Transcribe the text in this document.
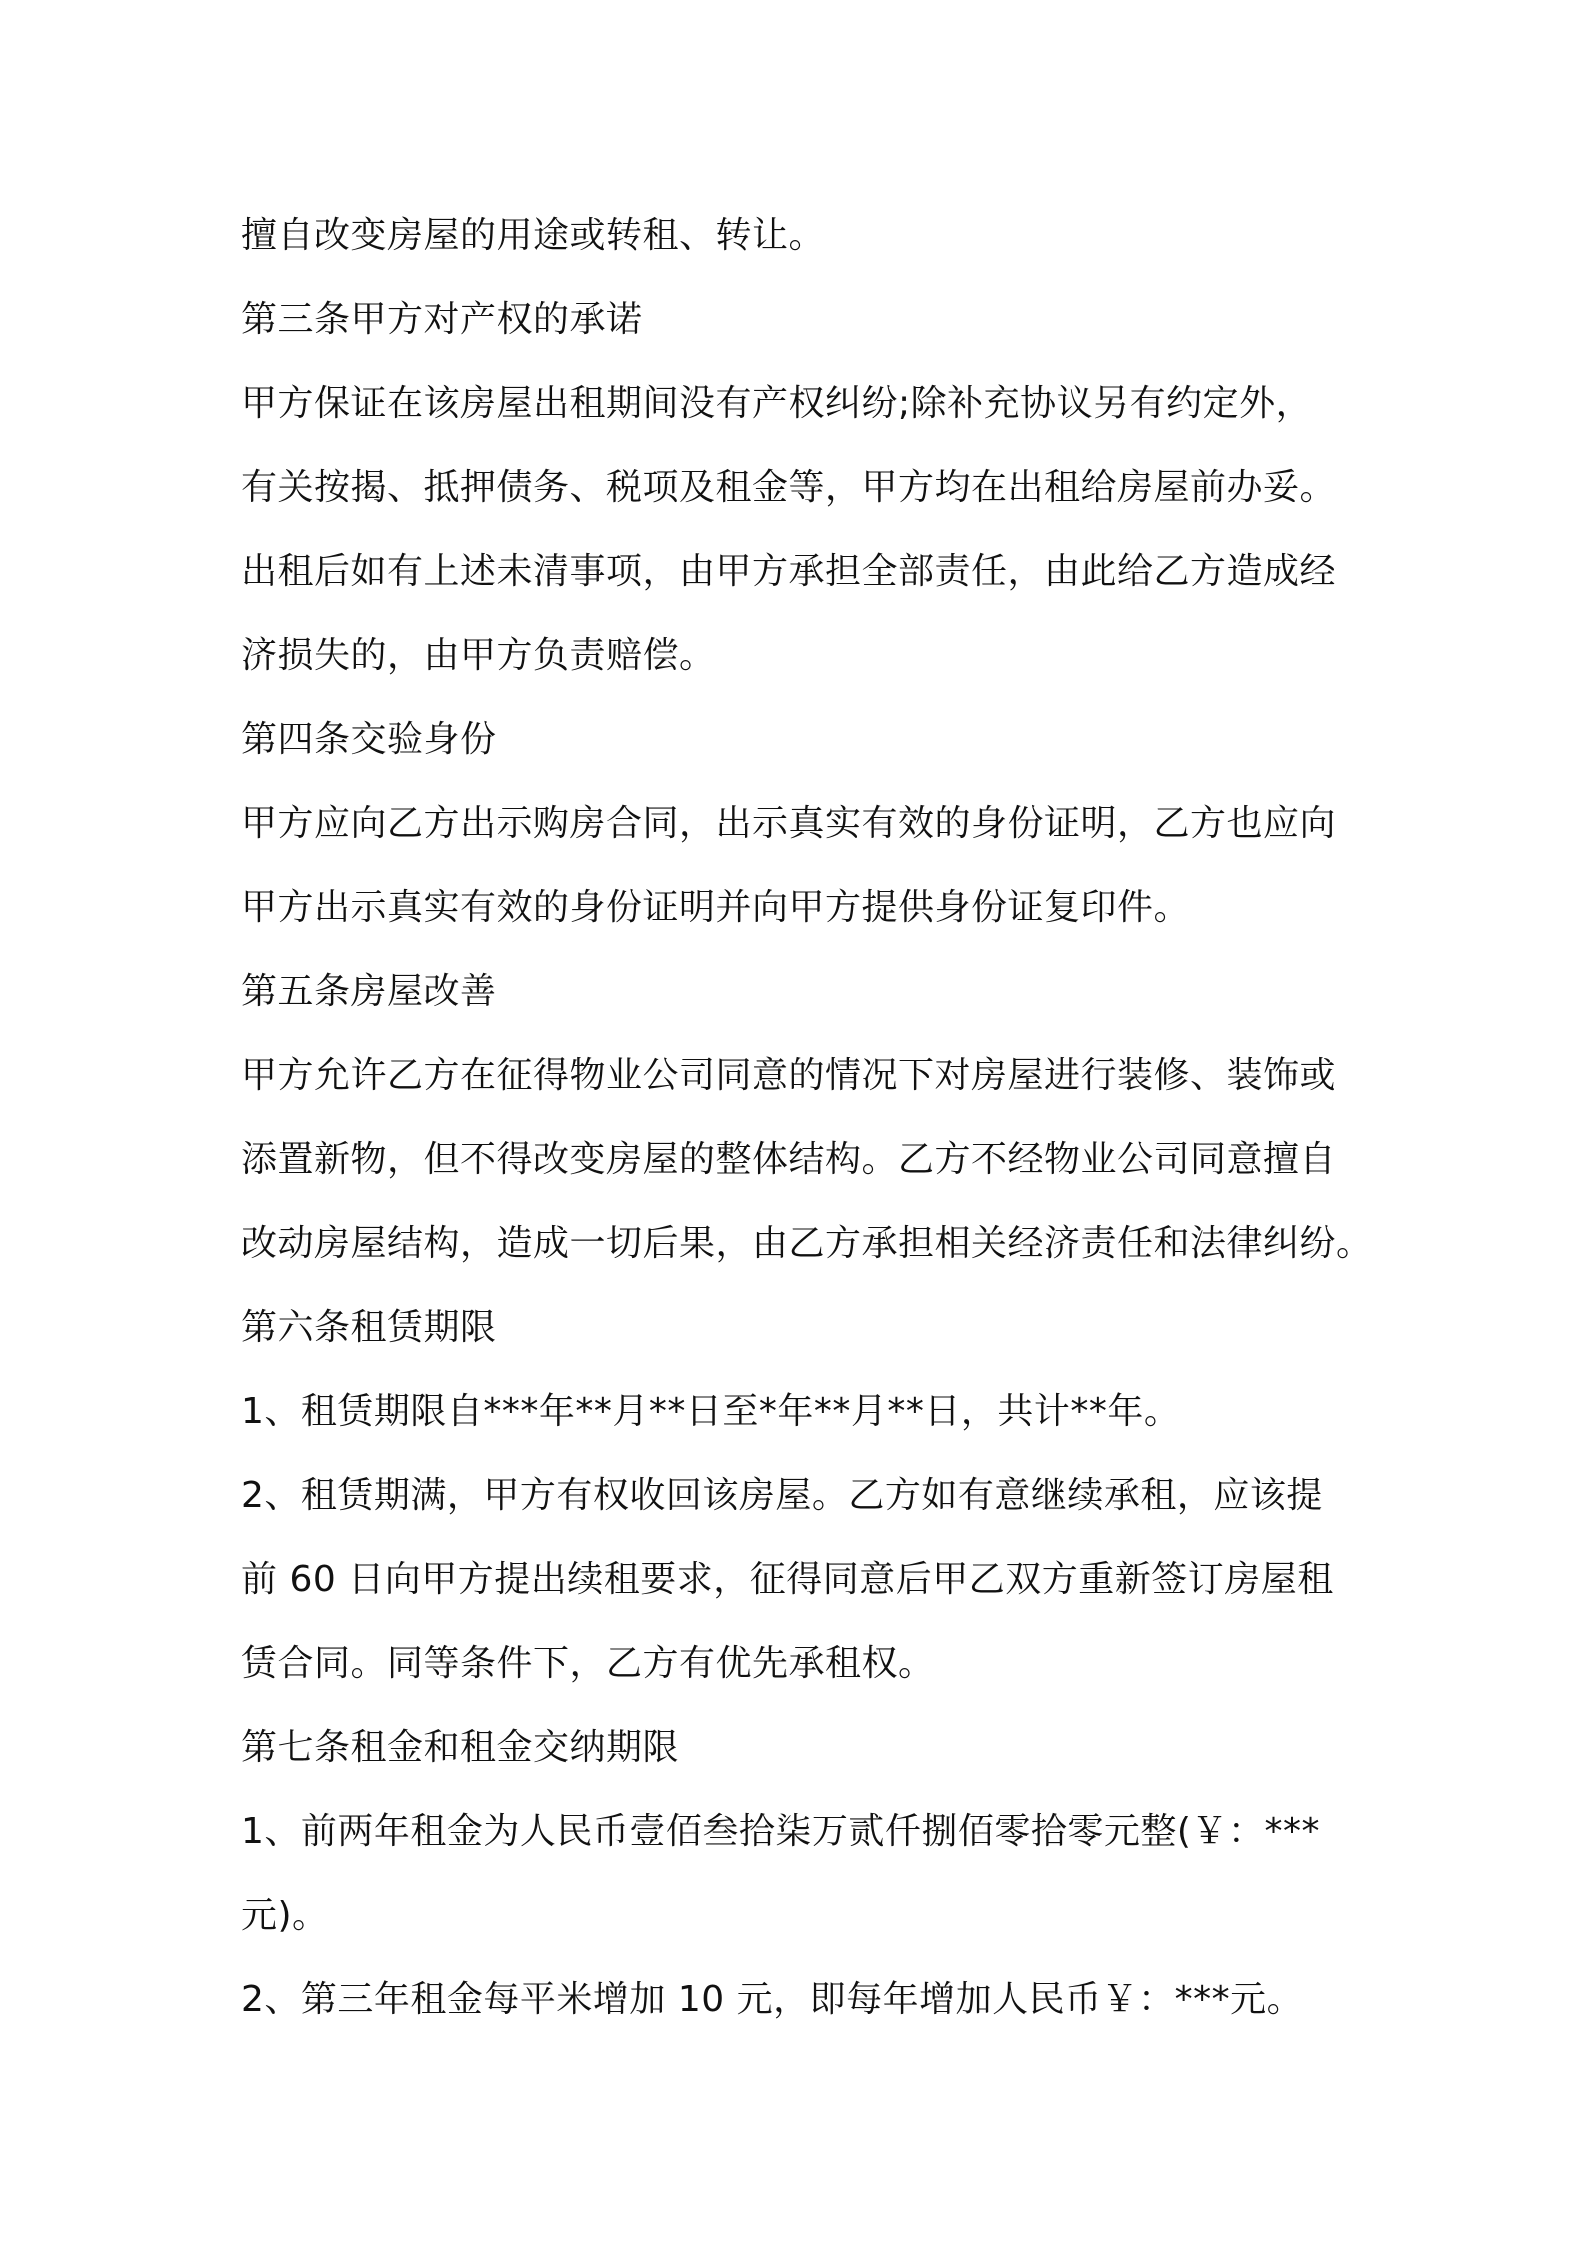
擅自改变房屋的用途或转租、转让。
第三条甲方对产权的承诺
甲方保证在该房屋出租期间没有产权纠纷;除补充协议另有约定外，
有关按揭、抵押债务、税项及租金等，甲方均在出租给房屋前办妥。
出租后如有上述未清事项，由甲方承担全部责任，由此给乙方造成经
济损失的，由甲方负责赔偿。
第四条交验身份
甲方应向乙方出示购房合同，出示真实有效的身份证明，乙方也应向
甲方出示真实有效的身份证明并向甲方提供身份证复印件。
第五条房屋改善
甲方允许乙方在征得物业公司同意的情况下对房屋进行装修、装饰或
添置新物，但不得改变房屋的整体结构。乙方不经物业公司同意擅自
改动房屋结构，造成一切后果，由乙方承担相关经济责任和法律纠纷。
第六条租赁期限
1、租赁期限自***年**月**日至*年**月**日，共计**年。
2、租赁期满，甲方有权收回该房屋。乙方如有意继续承租，应该提
前 60 日向甲方提出续租要求，征得同意后甲乙双方重新签订房屋租
赁合同。同等条件下，乙方有优先承租权。
第七条租金和租金交纳期限
1、前两年租金为人民币壹佰叁拾柒万贰仟捌佰零拾零元整(￥：***
元)。
2、第三年租金每平米增加 10 元，即每年增加人民币￥：***元。
